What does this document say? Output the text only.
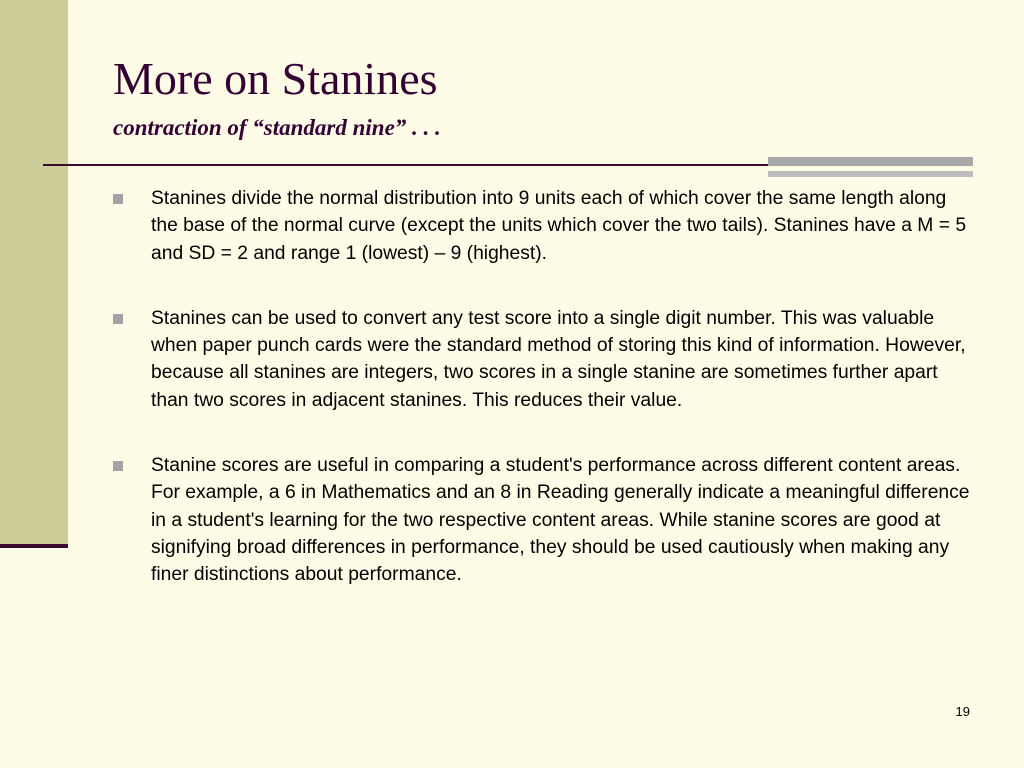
More on Stanines
contraction of “standard nine” . . .
Stanines divide the normal distribution into 9 units each of which cover the same length along the base of the normal curve (except the units which cover the two tails). Stanines have a M = 5 and SD = 2 and range 1 (lowest) – 9 (highest).
Stanines can be used to convert any test score into a single digit number. This was valuable when paper punch cards were the standard method of storing this kind of information. However, because all stanines are integers, two scores in a single stanine are sometimes further apart than two scores in adjacent stanines. This reduces their value.
Stanine scores are useful in comparing a student's performance across different content areas. For example, a 6 in Mathematics and an 8 in Reading generally indicate a meaningful difference in a student's learning for the two respective content areas. While stanine scores are good at signifying broad differences in performance, they should be used cautiously when making any finer distinctions about performance.
19
